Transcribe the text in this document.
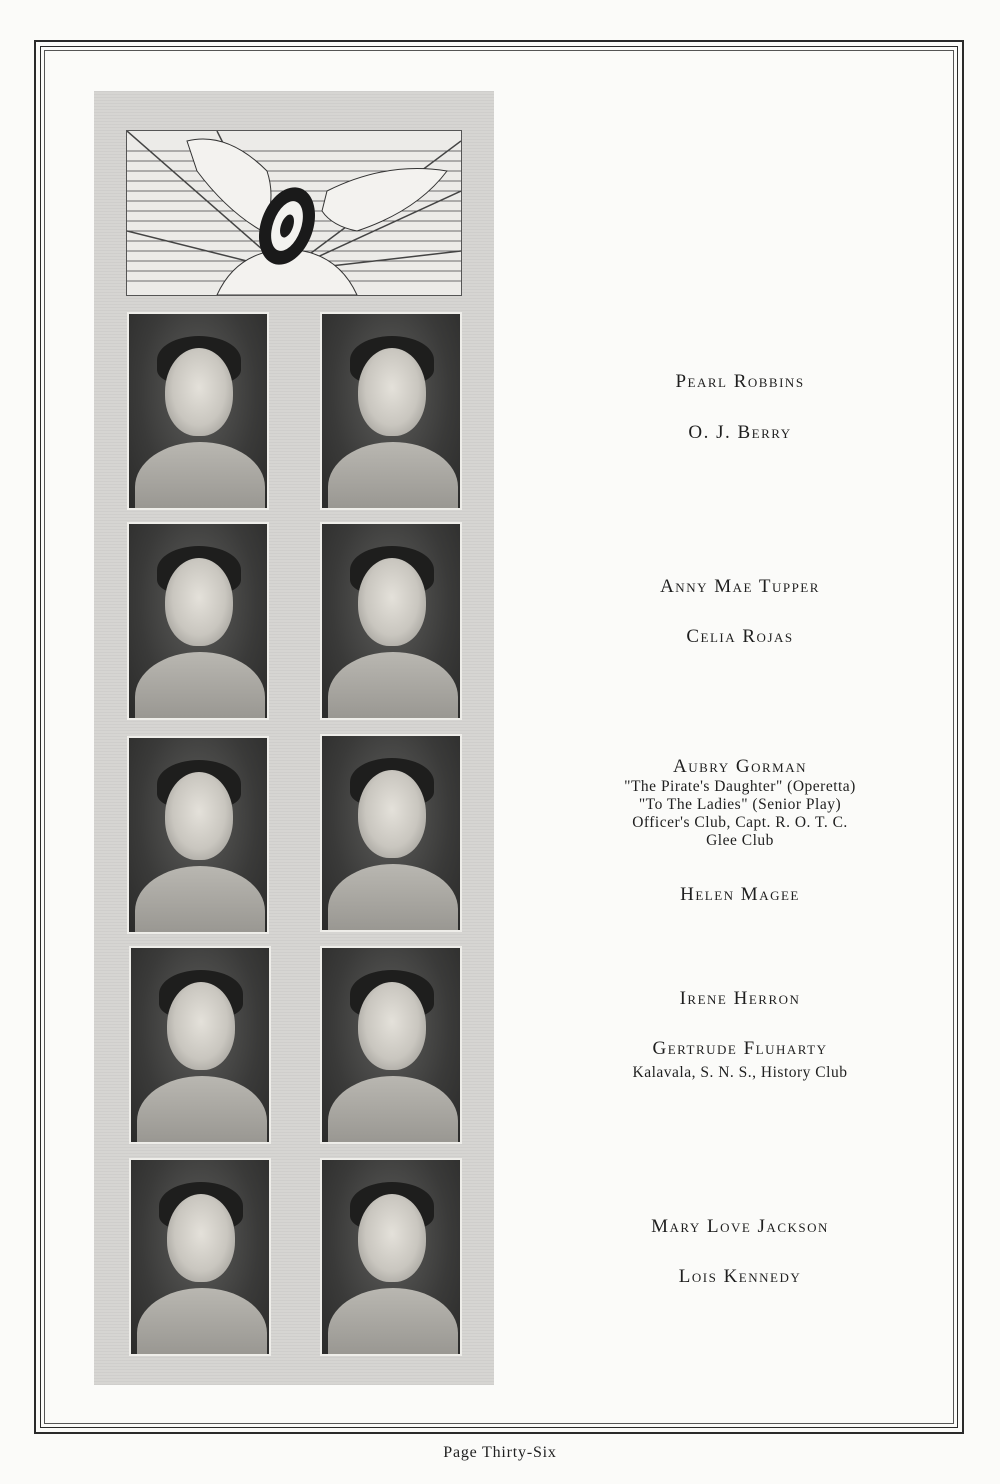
Pearl Robbins

O. J. Berry

Anny Mae Tupper

Celia Rojas

Aubry Gorman

"The Pirate's Daughter" (Operetta)

"To The Ladies" (Senior Play)

Officer's Club, Capt. R. O. T. C.

Glee Club

Helen Magee

Irene Herron

Gertrude Fluharty

Kalavala, S. N. S., History Club

Mary Love Jackson

Lois Kennedy

Page Thirty-Six
